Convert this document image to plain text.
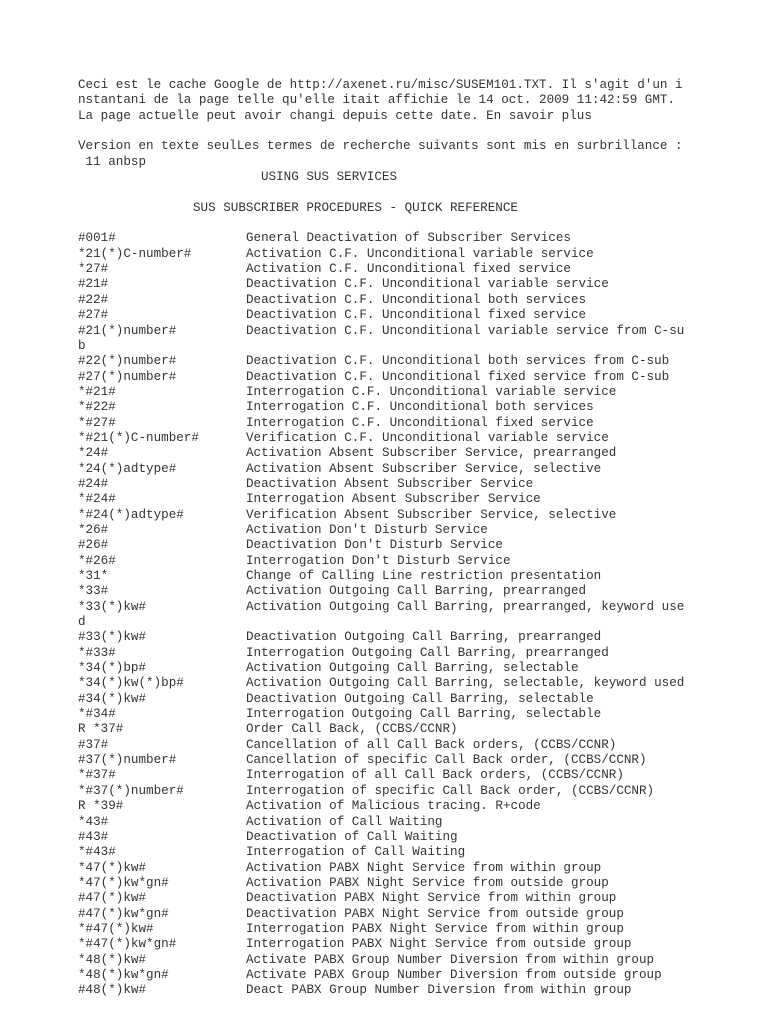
Ceci est le cache Google de http://axenet.ru/misc/SUSEM101.TXT. Il s'agit d'un i
nstantani de la page telle qu'elle itait affichie le 14 oct. 2009 11:42:59 GMT.
La page actuelle peut avoir changi depuis cette date. En savoir plus
Version en texte seulLes termes de recherche suivants sont mis en surbrillance :
11 anbsp
USING SUS SERVICES
SUS SUBSCRIBER PROCEDURES - QUICK REFERENCE
#001#	General Deactivation of Subscriber Services
*21(*)C-number#	Activation C.F. Unconditional variable service
*27#	Activation C.F. Unconditional fixed service
#21#	Deactivation C.F. Unconditional variable service
#22#	Deactivation C.F. Unconditional both services
#27#	Deactivation C.F. Unconditional fixed service
#21(*)number#	Deactivation C.F. Unconditional variable service from C-su
b
#22(*)number#	Deactivation C.F. Unconditional both services from C-sub
#27(*)number#	Deactivation C.F. Unconditional fixed service from C-sub
*#21#	Interrogation C.F. Unconditional variable service
*#22#	Interrogation C.F. Unconditional both services
*#27#	Interrogation C.F. Unconditional fixed service
*#21(*)C-number#	Verification C.F. Unconditional variable service
*24#	Activation Absent Subscriber Service, prearranged
*24(*)adtype#	Activation Absent Subscriber Service, selective
#24#	Deactivation Absent Subscriber Service
*#24#	Interrogation Absent Subscriber Service
*#24(*)adtype#	Verification Absent Subscriber Service, selective
*26#	Activation Don't Disturb Service
#26#	Deactivation Don't Disturb Service
*#26#	Interrogation Don't Disturb Service
*31*	Change of Calling Line restriction presentation
*33#	Activation Outgoing Call Barring, prearranged
*33(*)kw#	Activation Outgoing Call Barring, prearranged, keyword use
d
#33(*)kw#	Deactivation Outgoing Call Barring, prearranged
*#33#	Interrogation Outgoing Call Barring, prearranged
*34(*)bp#	Activation Outgoing Call Barring, selectable
*34(*)kw(*)bp#	Activation Outgoing Call Barring, selectable, keyword used
#34(*)kw#	Deactivation Outgoing Call Barring, selectable
*#34#	Interrogation Outgoing Call Barring, selectable
R *37#	Order Call Back, (CCBS/CCNR)
#37#	Cancellation of all Call Back orders, (CCBS/CCNR)
#37(*)number#	Cancellation of specific Call Back order, (CCBS/CCNR)
*#37#	Interrogation of all Call Back orders, (CCBS/CCNR)
*#37(*)number#	Interrogation of specific Call Back order, (CCBS/CCNR)
R *39#	Activation of Malicious tracing. R+code
*43#	Activation of Call Waiting
#43#	Deactivation of Call Waiting
*#43#	Interrogation of Call Waiting
*47(*)kw#	Activation PABX Night Service from within group
*47(*)kw*gn#	Activation PABX Night Service from outside group
#47(*)kw#	Deactivation PABX Night Service from within group
#47(*)kw*gn#	Deactivation PABX Night Service from outside group
*#47(*)kw#	Interrogation PABX Night Service from within group
*#47(*)kw*gn#	Interrogation PABX Night Service from outside group
*48(*)kw#	Activate PABX Group Number Diversion from within group
*48(*)kw*gn#	Activate PABX Group Number Diversion from outside group
#48(*)kw#	Deact PABX Group Number Diversion from within group
